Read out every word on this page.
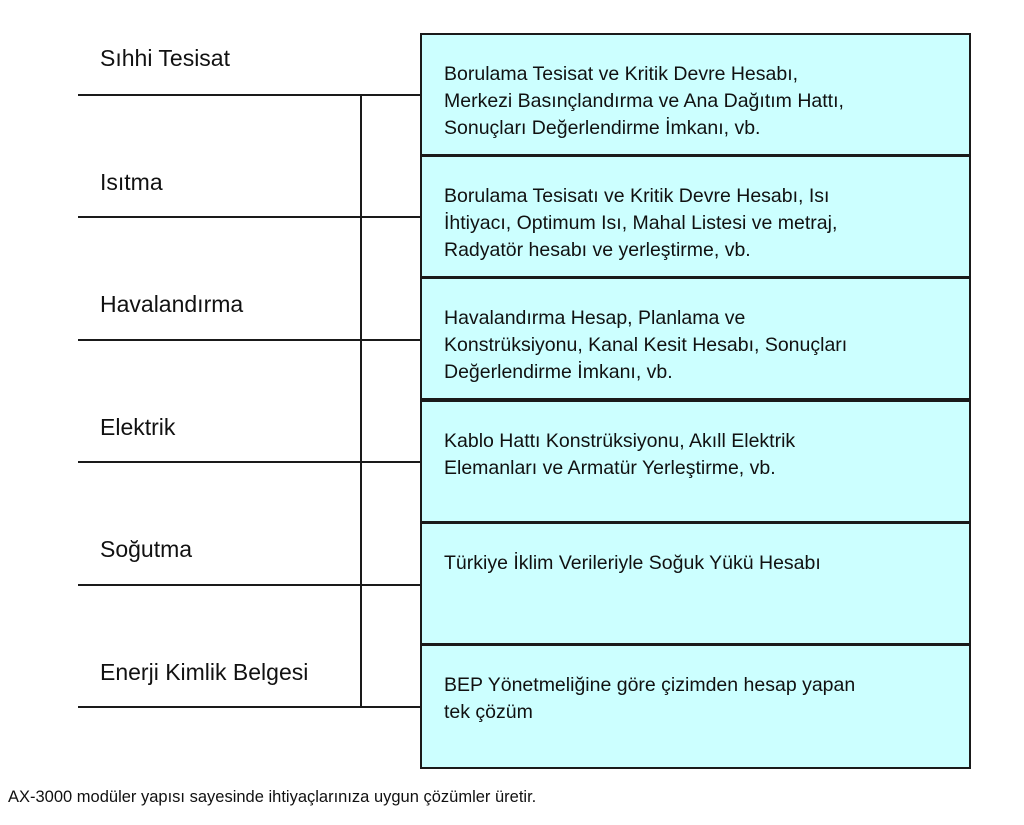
Sıhhi Tesisat
Isıtma
Havalandırma
Elektrik
Soğutma
Enerji Kimlik Belgesi
Borulama Tesisat ve Kritik Devre Hesabı,
Merkezi Basınçlandırma ve Ana Dağıtım Hattı,
Sonuçları Değerlendirme İmkanı, vb.
Borulama Tesisatı ve Kritik Devre Hesabı, Isı
İhtiyacı, Optimum Isı, Mahal Listesi ve metraj,
Radyatör hesabı ve yerleştirme, vb.
Havalandırma Hesap, Planlama ve
Konstrüksiyonu, Kanal Kesit Hesabı, Sonuçları
Değerlendirme İmkanı, vb.
Kablo Hattı Konstrüksiyonu, Akıll Elektrik
Elemanları ve Armatür Yerleştirme, vb.
Türkiye İklim Verileriyle Soğuk Yükü Hesabı
BEP Yönetmeliğine göre çizimden hesap yapan
tek çözüm
AX-3000 modüler yapısı sayesinde ihtiyaçlarınıza uygun çözümler üretir.
